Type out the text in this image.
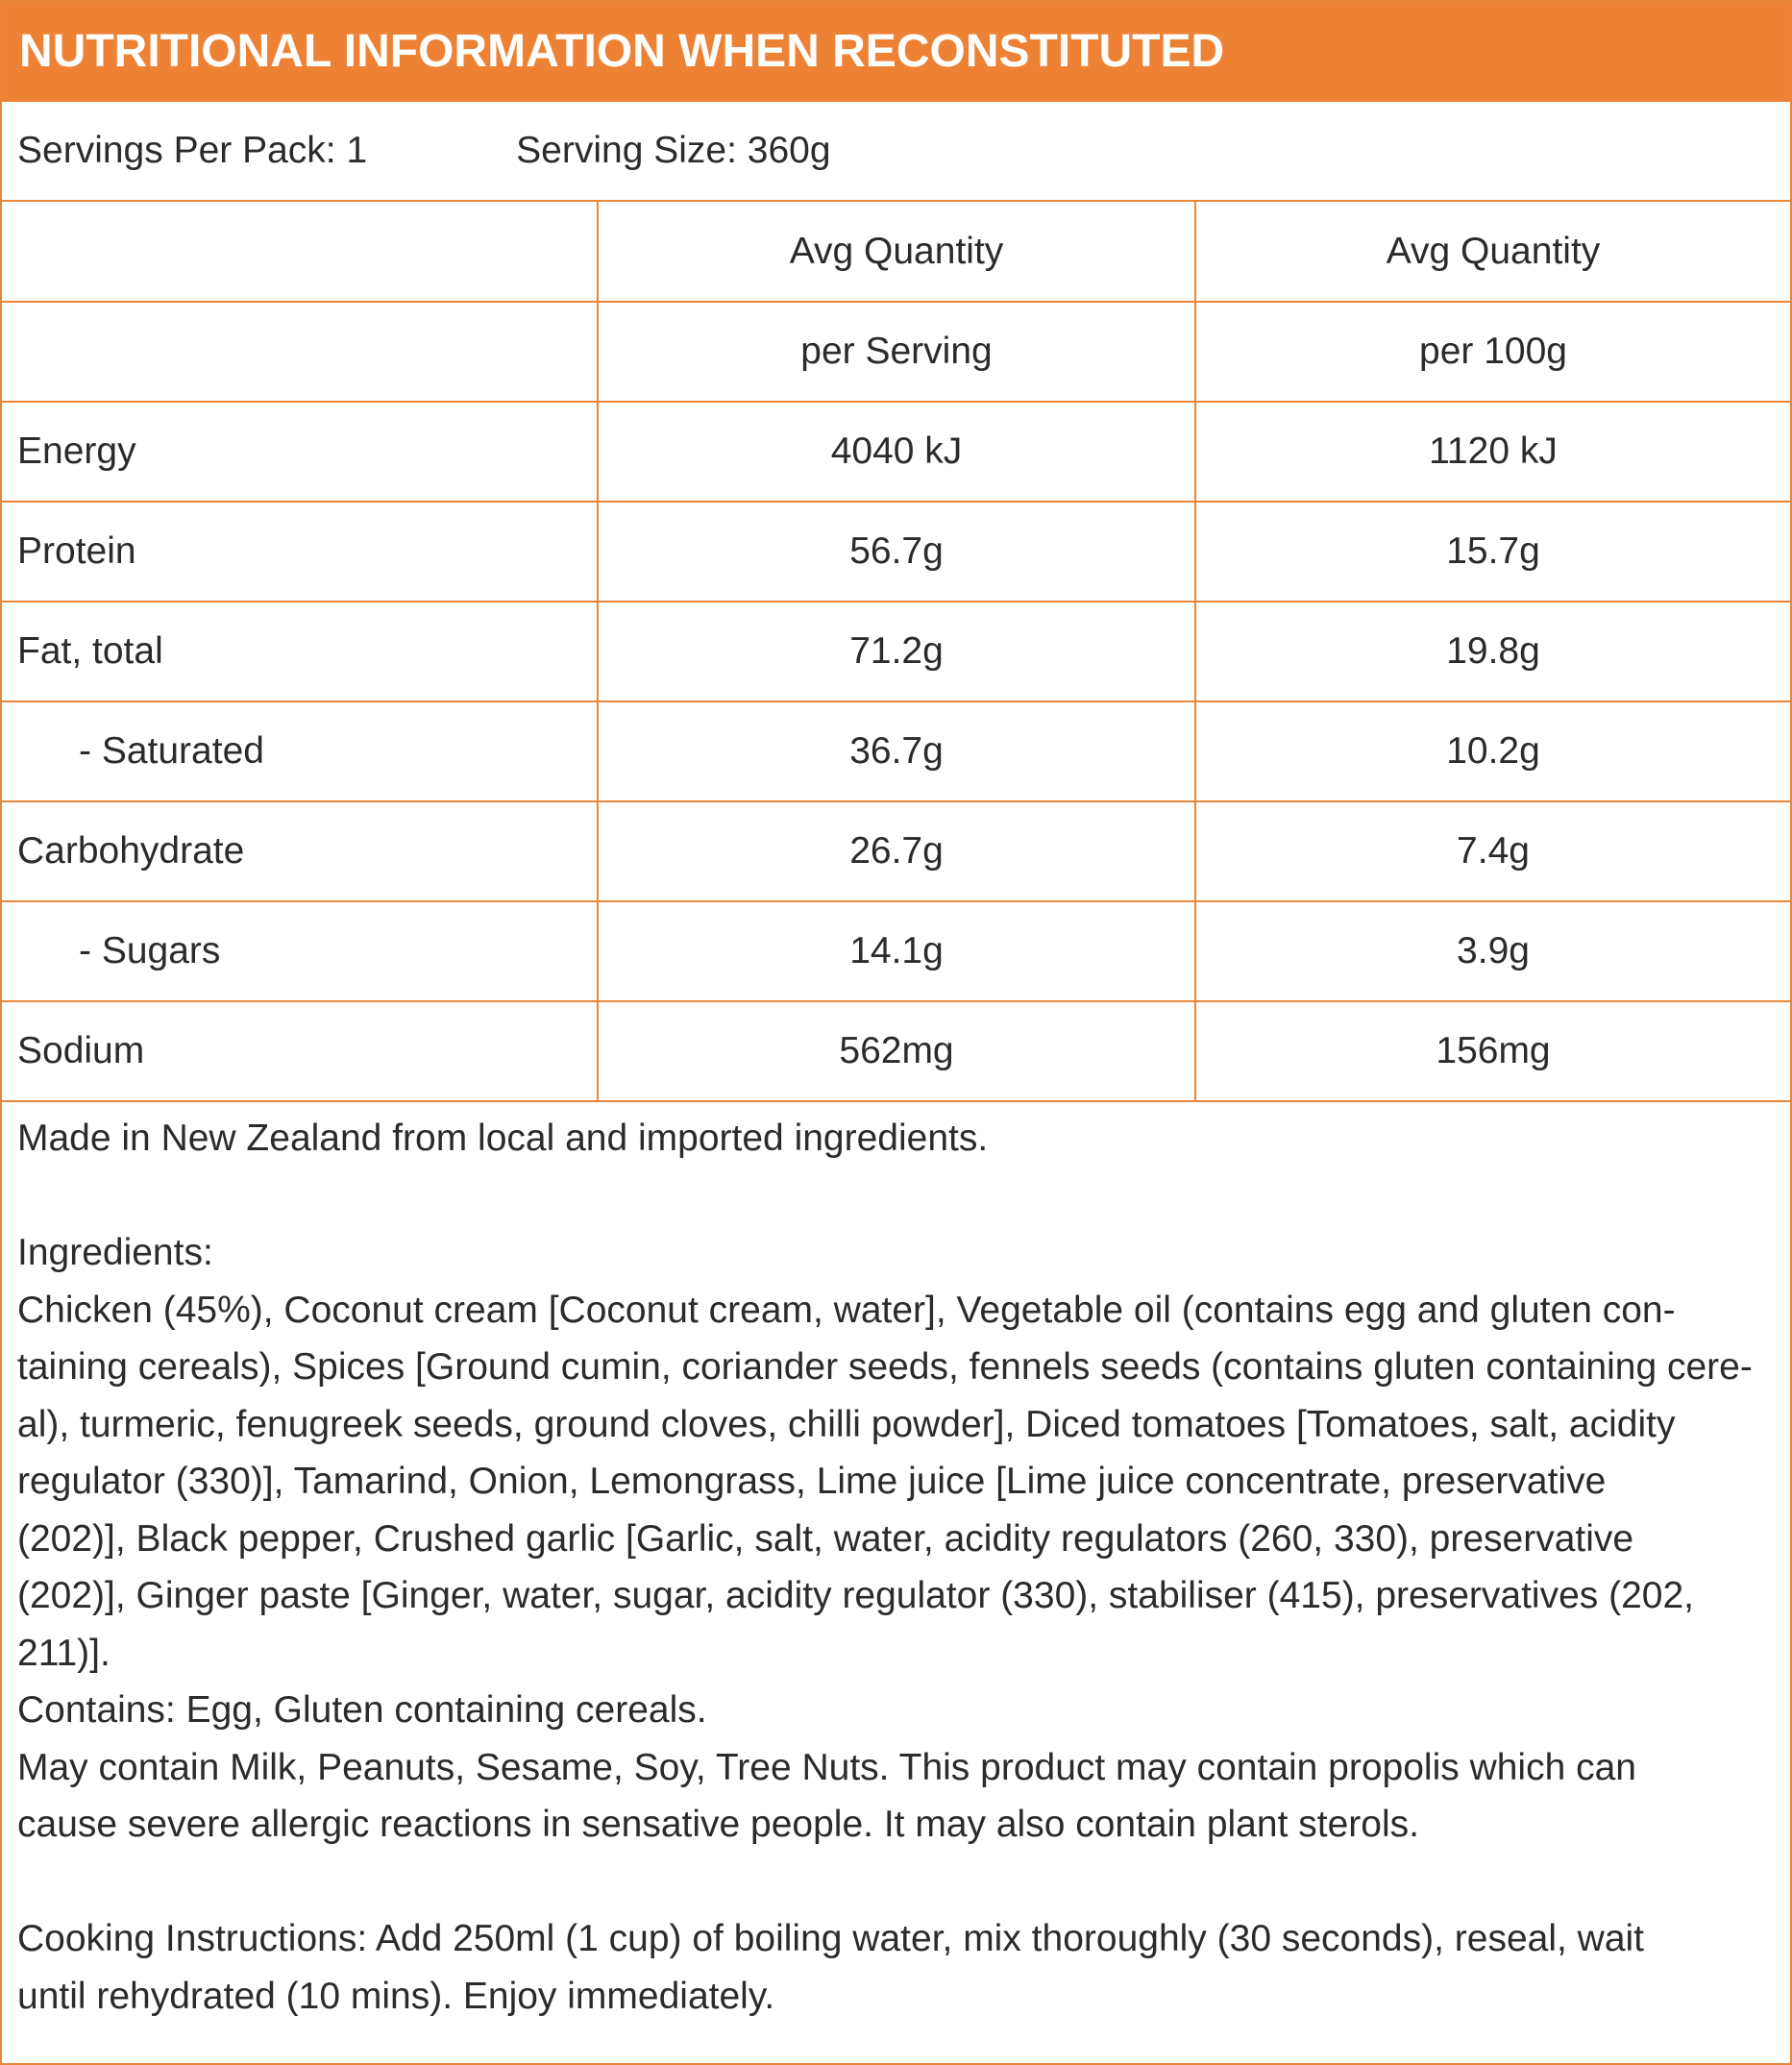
NUTRITIONAL INFORMATION WHEN RECONSTITUTED
Servings Per Pack: 1	Serving Size: 360g
	Avg Quantity	Avg Quantity
	per Serving	per 100g
Energy	4040 kJ	1120 kJ
Protein	56.7g	15.7g
Fat, total	71.2g	19.8g
- Saturated	36.7g	10.2g
Carbohydrate	26.7g	7.4g
- Sugars	14.1g	3.9g
Sodium	562mg	156mg

Made in New Zealand from local and imported ingredients.

Ingredients:

Chicken (45%), Coconut cream [Coconut cream, water], Vegetable oil (contains egg and gluten con-

taining cereals), Spices [Ground cumin, coriander seeds, fennels seeds (contains gluten containing cere-

al), turmeric, fenugreek seeds, ground cloves, chilli powder], Diced tomatoes [Tomatoes, salt, acidity

regulator (330)], Tamarind, Onion, Lemongrass, Lime juice [Lime juice concentrate, preservative

(202)], Black pepper, Crushed garlic [Garlic, salt, water, acidity regulators (260, 330), preservative

(202)], Ginger paste [Ginger, water, sugar, acidity regulator (330), stabiliser (415), preservatives (202,

211)].

Contains: Egg, Gluten containing cereals.

May contain Milk, Peanuts, Sesame, Soy, Tree Nuts. This product may contain propolis which can

cause severe allergic reactions in sensative people. It may also contain plant sterols.

Cooking Instructions: Add 250ml (1 cup) of boiling water, mix thoroughly (30 seconds), reseal, wait

until rehydrated (10 mins). Enjoy immediately.
